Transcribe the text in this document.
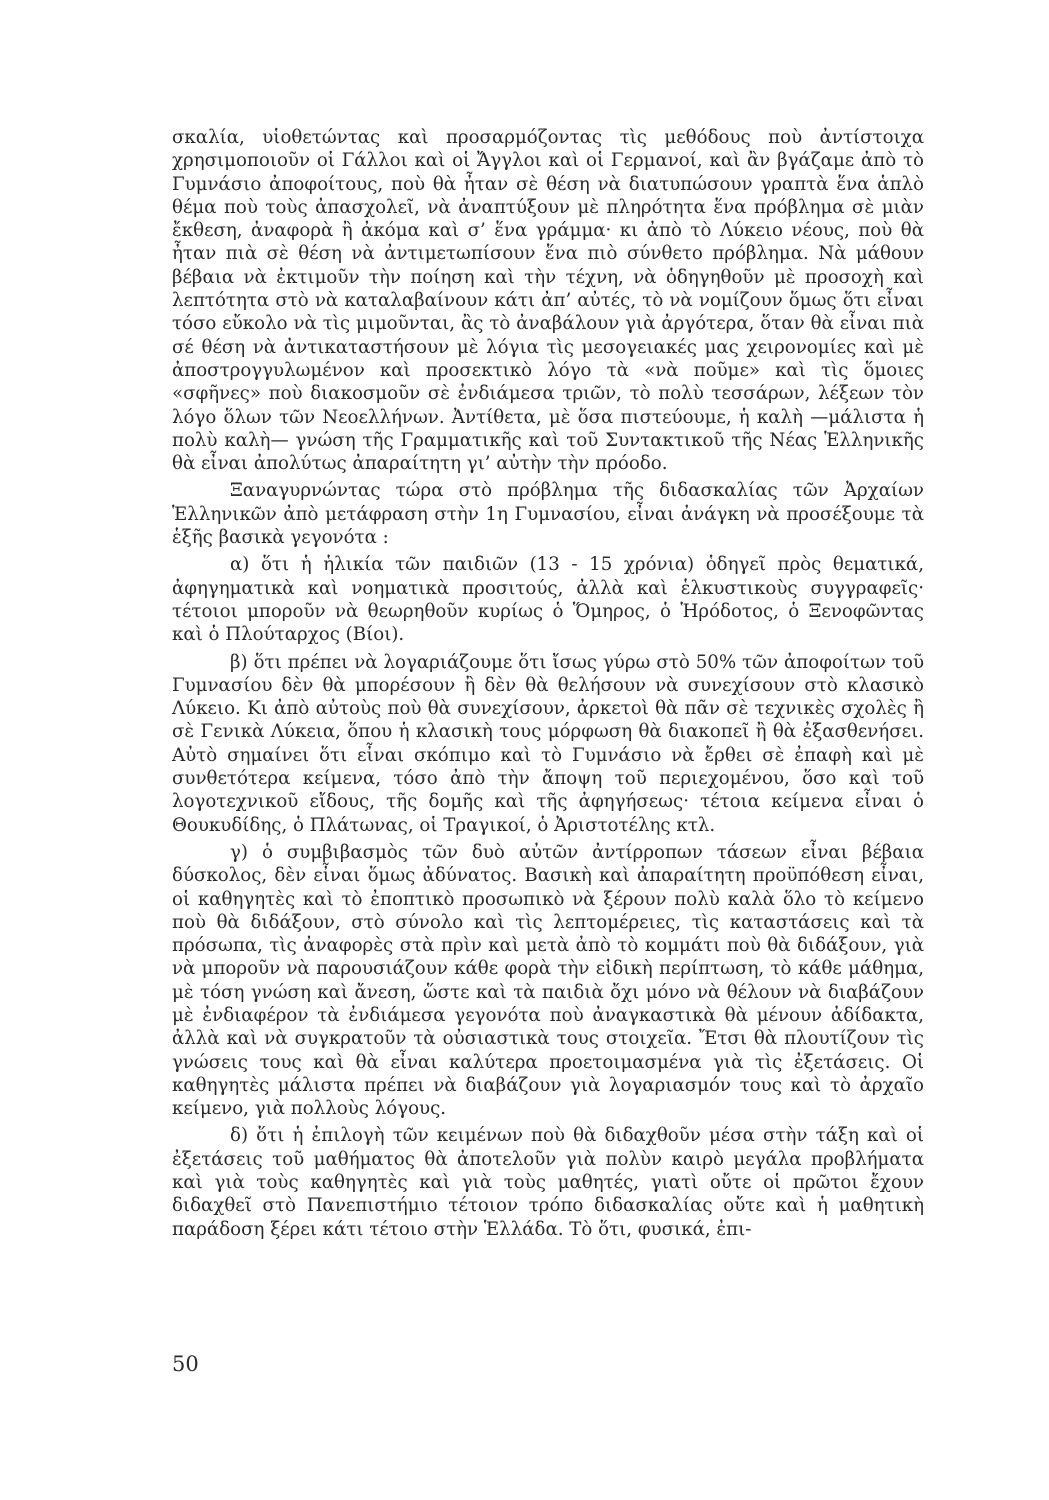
σκαλία, υἱοθετώντας καὶ προσαρμόζοντας τὶς μεθόδους ποὺ ἀντίστοιχα χρησιμοποιοῦν οἱ Γάλλοι καὶ οἱ Ἄγγλοι καὶ οἱ Γερμανοί, καὶ ἂν βγάζαμε ἀπὸ τὸ Γυμνάσιο ἀποφοίτους, ποὺ θὰ ἦταν σὲ θέση νὰ διατυπώσουν γραπτὰ ἕνα ἁπλὸ θέμα ποὺ τοὺς ἀπασχολεῖ, νὰ ἀναπτύξουν μὲ πληρότητα ἕνα πρόβλημα σὲ μιὰν ἔκθεση, ἀναφορὰ ἢ ἀκόμα καὶ σ’ ἕνα γράμμα· κι ἀπὸ τὸ Λύκειο νέους, ποὺ θὰ ἦταν πιὰ σὲ θέση νὰ ἀντιμετωπίσουν ἕνα πιὸ σύνθετο πρόβλημα. Νὰ μάθουν βέβαια νὰ ἐκτιμοῦν τὴν ποίηση καὶ τὴν τέχνη, νὰ ὁδηγηθοῦν μὲ προσοχὴ καὶ λεπτότητα στὸ νὰ καταλαβαίνουν κάτι ἀπ’ αὐτές, τὸ νὰ νομίζουν ὅμως ὅτι εἶναι τόσο εὔκολο νὰ τὶς μιμοῦνται, ἂς τὸ ἀναβάλουν γιὰ ἀργότερα, ὅταν θὰ εἶναι πιὰ σέ θέση νὰ ἀντικαταστήσουν μὲ λόγια τὶς μεσογειακές μας χειρονομίες καὶ μὲ ἀποστρογγυλωμένον καὶ προσεκτικὸ λόγο τὰ «νὰ ποῦμε» καὶ τὶς ὅμοιες «σφῆνες» ποὺ διακοσμοῦν σὲ ἐνδιάμεσα τριῶν, τὸ πολὺ τεσσάρων, λέξεων τὸν λόγο ὅλων τῶν Νεοελλήνων. Ἀντίθετα, μὲ ὅσα πιστεύουμε, ἡ καλὴ —μάλιστα ἡ πολὺ καλὴ— γνώση τῆς Γραμματικῆς καὶ τοῦ Συντακτικοῦ τῆς Νέας Ἑλληνικῆς θὰ εἶναι ἀπολύτως ἀπαραίτητη γι’ αὐτὴν τὴν πρόοδο.

Ξαναγυρνώντας τώρα στὸ πρόβλημα τῆς διδασκαλίας τῶν Ἀρχαίων Ἑλληνικῶν ἀπὸ μετάφραση στὴν 1η Γυμνασίου, εἶναι ἀνάγκη νὰ προσέξουμε τὰ ἑξῆς βασικὰ γεγονότα :

α) ὅτι ἡ ἡλικία τῶν παιδιῶν (13 - 15 χρόνια) ὁδηγεῖ πρὸς θεματικά, ἀφηγηματικὰ καὶ νοηματικὰ προσιτούς, ἀλλὰ καὶ ἑλκυστικοὺς συγγραφεῖς· τέτοιοι μποροῦν νὰ θεωρηθοῦν κυρίως ὁ Ὅμηρος, ὁ Ἡρόδοτος, ὁ Ξενοφῶντας καὶ ὁ Πλούταρχος (Βίοι).

β) ὅτι πρέπει νὰ λογαριάζουμε ὅτι ἴσως γύρω στὸ 50% τῶν ἀποφοίτων τοῦ Γυμνασίου δὲν θὰ μπορέσουν ἢ δὲν θὰ θελήσουν νὰ συνεχίσουν στὸ κλασικὸ Λύκειο. Κι ἀπὸ αὐτοὺς ποὺ θὰ συνεχίσουν, ἀρκετοὶ θὰ πᾶν σὲ τεχνικὲς σχολὲς ἢ σὲ Γενικὰ Λύκεια, ὅπου ἡ κλασικὴ τους μόρφωση θὰ διακοπεῖ ἢ θὰ ἐξασθενήσει. Αὐτὸ σημαίνει ὅτι εἶναι σκόπιμο καὶ τὸ Γυμνάσιο νὰ ἔρθει σὲ ἐπαφὴ καὶ μὲ συνθετότερα κείμενα, τόσο ἀπὸ τὴν ἄποψη τοῦ περιεχομένου, ὅσο καὶ τοῦ λογοτεχνικοῦ εἴδους, τῆς δομῆς καὶ τῆς ἀφηγήσεως· τέτοια κείμενα εἶναι ὁ Θουκυδίδης, ὁ Πλάτωνας, οἱ Τραγικοί, ὁ Ἀριστοτέλης κτλ.

γ) ὁ συμβιβασμὸς τῶν δυὸ αὐτῶν ἀντίρροπων τάσεων εἶναι βέβαια δύσκολος, δὲν εἶναι ὅμως ἀδύνατος. Βασικὴ καὶ ἀπαραίτητη προϋπόθεση εἶναι, οἱ καθηγητὲς καὶ τὸ ἐποπτικὸ προσωπικὸ νὰ ξέρουν πολὺ καλὰ ὅλο τὸ κείμενο ποὺ θὰ διδάξουν, στὸ σύνολο καὶ τὶς λεπτομέρειες, τὶς καταστάσεις καὶ τὰ πρόσωπα, τὶς ἀναφορὲς στὰ πρὶν καὶ μετὰ ἀπὸ τὸ κομμάτι ποὺ θὰ διδάξουν, γιὰ νὰ μποροῦν νὰ παρουσιάζουν κάθε φορὰ τὴν εἰδικὴ περίπτωση, τὸ κάθε μάθημα, μὲ τόση γνώση καὶ ἄνεση, ὥστε καὶ τὰ παιδιὰ ὄχι μόνο νὰ θέλουν νὰ διαβάζουν μὲ ἐνδιαφέρον τὰ ἐνδιάμεσα γεγονότα ποὺ ἀναγκαστικὰ θὰ μένουν ἀδίδακτα, ἀλλὰ καὶ νὰ συγκρατοῦν τὰ οὐσιαστικὰ τους στοιχεῖα. Ἔτσι θὰ πλουτίζουν τὶς γνώσεις τους καὶ θὰ εἶναι καλύτερα προετοιμασμένα γιὰ τὶς ἐξετάσεις. Οἱ καθηγητὲς μάλιστα πρέπει νὰ διαβάζουν γιὰ λογαριασμόν τους καὶ τὸ ἀρχαῖο κείμενο, γιὰ πολλοὺς λόγους.

δ) ὅτι ἡ ἐπιλογὴ τῶν κειμένων ποὺ θὰ διδαχθοῦν μέσα στὴν τάξη καὶ οἱ ἐξετάσεις τοῦ μαθήματος θὰ ἀποτελοῦν γιὰ πολὺν καιρὸ μεγάλα προβλήματα καὶ γιὰ τοὺς καθηγητὲς καὶ γιὰ τοὺς μαθητές, γιατὶ οὔτε οἱ πρῶτοι ἔχουν διδαχθεῖ στὸ Πανεπιστήμιο τέτοιον τρόπο διδασκαλίας οὔτε καὶ ἡ μαθητικὴ παράδοση ξέρει κάτι τέτοιο στὴν Ἑλλάδα. Τὸ ὅτι, φυσικά, ἐπι-

50
